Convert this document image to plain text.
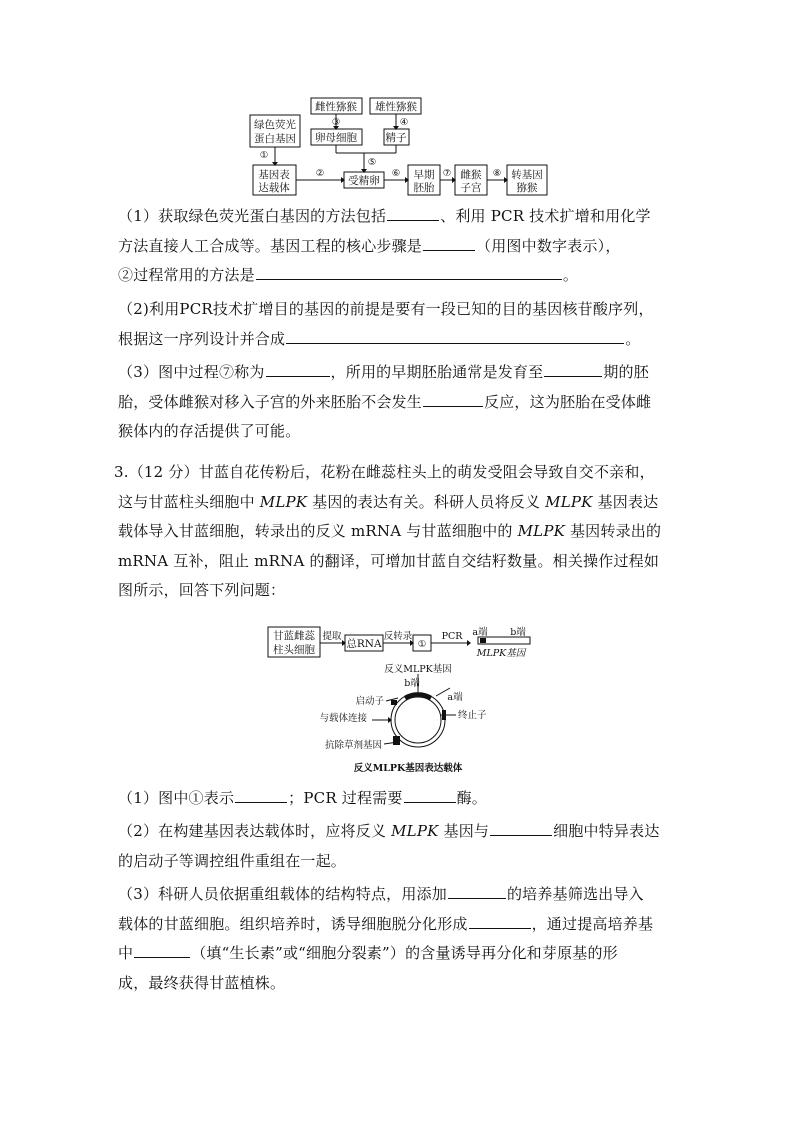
绿色荧光
蛋白基因
雌性猕猴 雄性猕猴
③	④
卵母细胞	精子
①
⑤
基因表
达载体
②
受精卵
⑥ 早期
胚胎
⑦ 雌猴
子宫
⑧ 转基因
猕猴
（1）获取绿色荧光蛋白基因的方法包括	、利用 PCR 技术扩增和用化学
方法直接人工合成等。基因工程的核心步骤是	（用图中数字表示），
②过程常用的方法是	。
（2)利用PCR技术扩增目的基因的前提是要有一段已知的目的基因核苷酸序列，
根据这一序列设计并合成	。
（3）图中过程⑦称为	，所用的早期胚胎通常是发育至	期的胚
胎，受体雌猴对移入子宫的外来胚胎不会发生	反应，这为胚胎在受体雌
猴体内的存活提供了可能。
3.（12 分）甘蓝自花传粉后，花粉在雌蕊柱头上的萌发受阻会导致自交不亲和，
这与甘蓝柱头细胞中 MLPK 基因的表达有关。科研人员将反义 MLPK 基因表达
载体导入甘蓝细胞，转录出的反义 mRNA 与甘蓝细胞中的 MLPK 基因转录出的
mRNA 互补，阻止 mRNA 的翻译，可增加甘蓝自交结籽数量。相关操作过程如
图所示，回答下列问题：
甘蓝雌蕊
柱头细胞
提取
总RNA
反转录
①
PCR a端 b端
MLPK基因
反义MLPK基因
b端
a端
启动子
终止子
与载体连接
抗除草剂基因
反义MLPK基因表达载体
（1）图中①表示	；PCR 过程需要	酶。
（2）在构建基因表达载体时，应将反义 MLPK 基因与	细胞中特异表达
的启动子等调控组件重组在一起。
（3）科研人员依据重组载体的结构特点，用添加	的培养基筛选出导入
载体的甘蓝细胞。组织培养时，诱导细胞脱分化形成	，通过提高培养基
中	（填“生长素”或“细胞分裂素”）的含量诱导再分化和芽原基的形
成，最终获得甘蓝植株。
